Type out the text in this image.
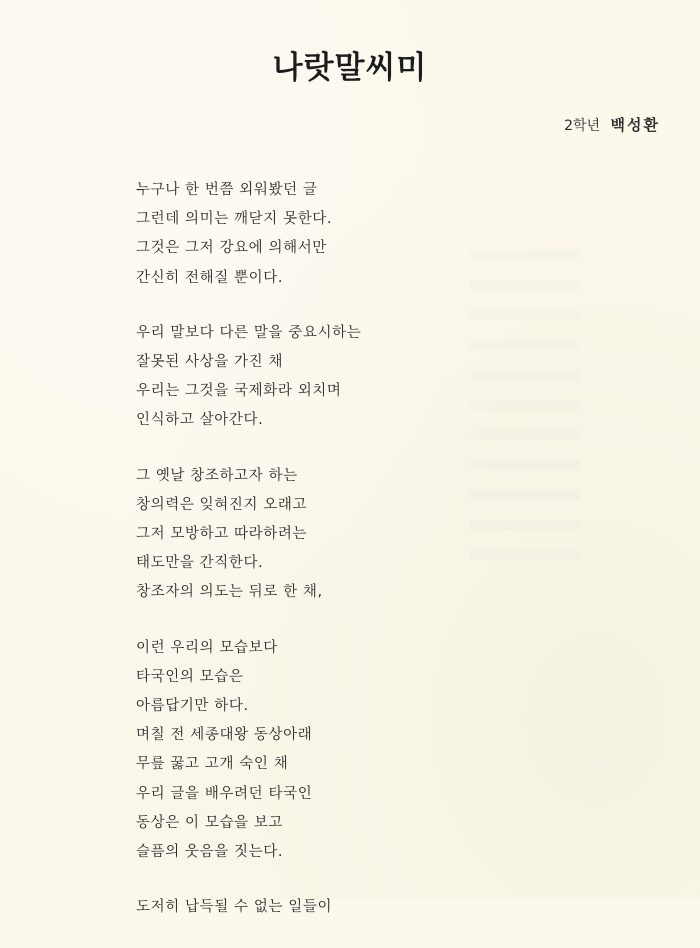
나랏말씨미
2학년 백성환
누구나 한 번쯤 외워봤던 글
그런데 의미는 깨닫지 못한다.
그것은 그저 강요에 의해서만
간신히 전해질 뿐이다.
우리 말보다 다른 말을 중요시하는
잘못된 사상을 가진 채
우리는 그것을 국제화라 외치며
인식하고 살아간다.
그 옛날 창조하고자 하는
창의력은 잊혀진지 오래고
그저 모방하고 따라하려는
태도만을 간직한다.
창조자의 의도는 뒤로 한 채,
이런 우리의 모습보다
타국인의 모습은
아름답기만 하다.
며칠 전 세종대왕 동상아래
무릎 꿇고 고개 숙인 채
우리 글을 배우려던 타국인
동상은 이 모습을 보고
슬픔의 웃음을 짓는다.
도저히 납득될 수 없는 일들이
